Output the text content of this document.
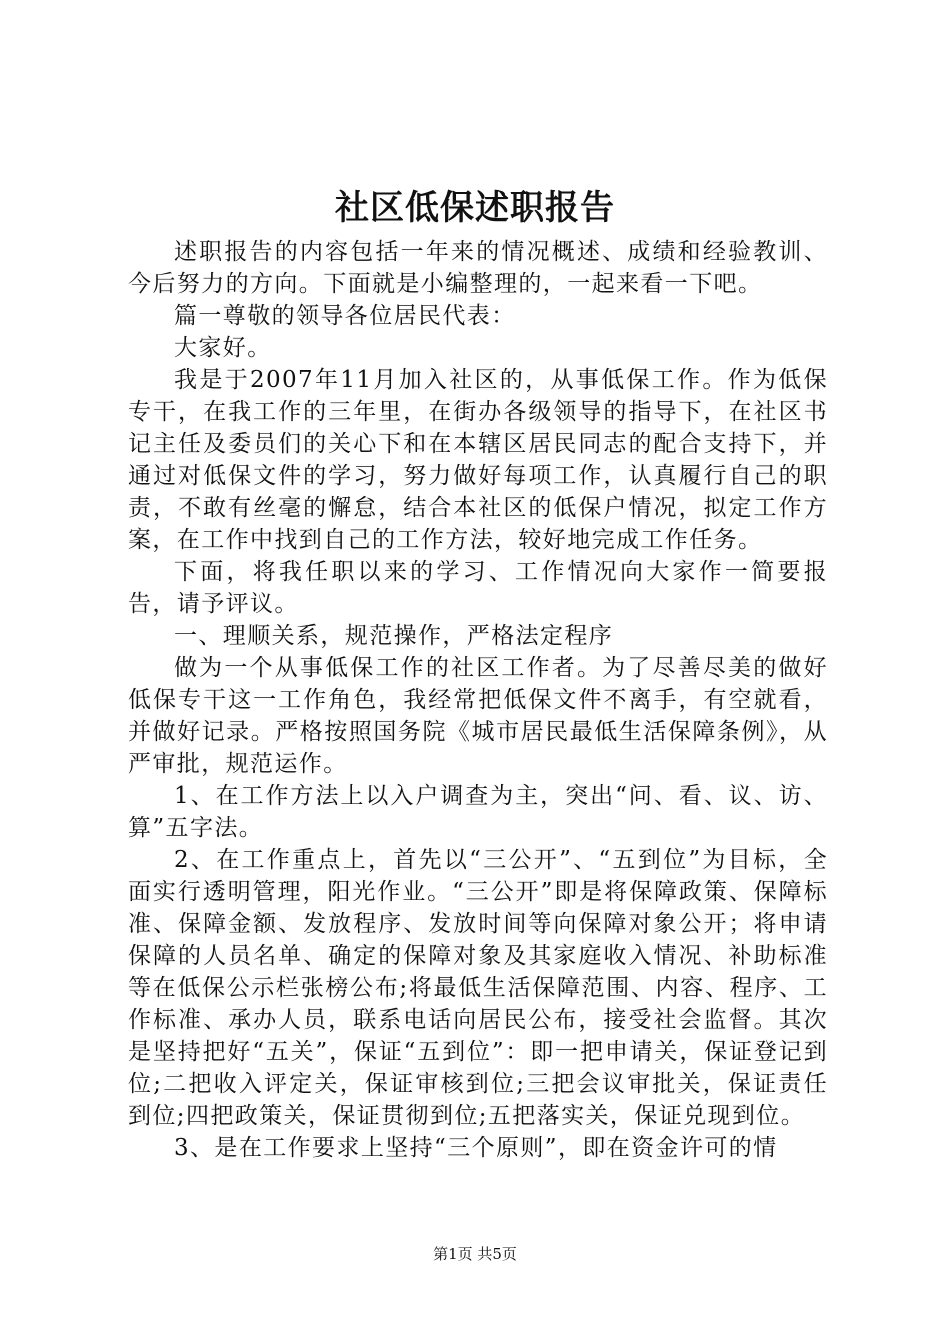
社区低保述职报告

述职报告的内容包括一年来的情况概述、成绩和经验教训、今后努力的方向。下面就是小编整理的，一起来看一下吧。

篇一尊敬的领导各位居民代表：

大家好。

我是于2007年11月加入社区的，从事低保工作。作为低保专干，在我工作的三年里，在街办各级领导的指导下，在社区书记主任及委员们的关心下和在本辖区居民同志的配合支持下，并通过对低保文件的学习，努力做好每项工作，认真履行自己的职责，不敢有丝毫的懈怠，结合本社区的低保户情况，拟定工作方案，在工作中找到自己的工作方法，较好地完成工作任务。

下面，将我任职以来的学习、工作情况向大家作一简要报告，请予评议。

一、理顺关系，规范操作，严格法定程序

做为一个从事低保工作的社区工作者。为了尽善尽美的做好低保专干这一工作角色，我经常把低保文件不离手，有空就看，并做好记录。严格按照国务院《城市居民最低生活保障条例》，从严审批，规范运作。

1、在工作方法上以入户调查为主，突出“问、看、议、访、算”五字法。

2、在工作重点上，首先以“三公开”、“五到位”为目标，全面实行透明管理，阳光作业。“三公开”即是将保障政策、保障标准、保障金额、发放程序、发放时间等向保障对象公开；将申请保障的人员名单、确定的保障对象及其家庭收入情况、补助标准等在低保公示栏张榜公布;将最低生活保障范围、内容、程序、工作标准、承办人员，联系电话向居民公布，接受社会监督。其次是坚持把好“五关”，保证“五到位”：即一把申请关，保证登记到位;二把收入评定关，保证审核到位;三把会议审批关，保证责任到位;四把政策关，保证贯彻到位;五把落实关，保证兑现到位。

3、是在工作要求上坚持“三个原则”，即在资金许可的情

第1页 共5页
